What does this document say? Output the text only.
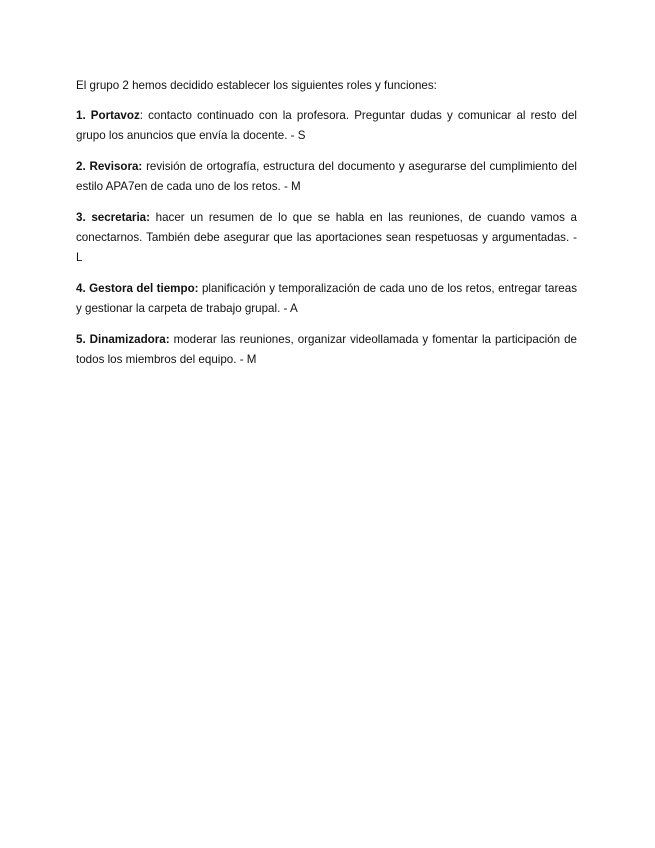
El grupo 2 hemos decidido establecer los siguientes roles y funciones:

1. Portavoz: contacto continuado con la profesora. Preguntar dudas y comunicar al resto del grupo los anuncios que envía la docente. - S

2. Revisora: revisión de ortografía, estructura del documento y asegurarse del cumplimiento del estilo APA7en de cada uno de los retos. - M

3. secretaria: hacer un resumen de lo que se habla en las reuniones, de cuando vamos a conectarnos. También debe asegurar que las aportaciones sean respetuosas y argumentadas. - L

4. Gestora del tiempo: planificación y temporalización de cada uno de los retos, entregar tareas y gestionar la carpeta de trabajo grupal. - A

5. Dinamizadora: moderar las reuniones, organizar videollamada y fomentar la participación de todos los miembros del equipo. - M
